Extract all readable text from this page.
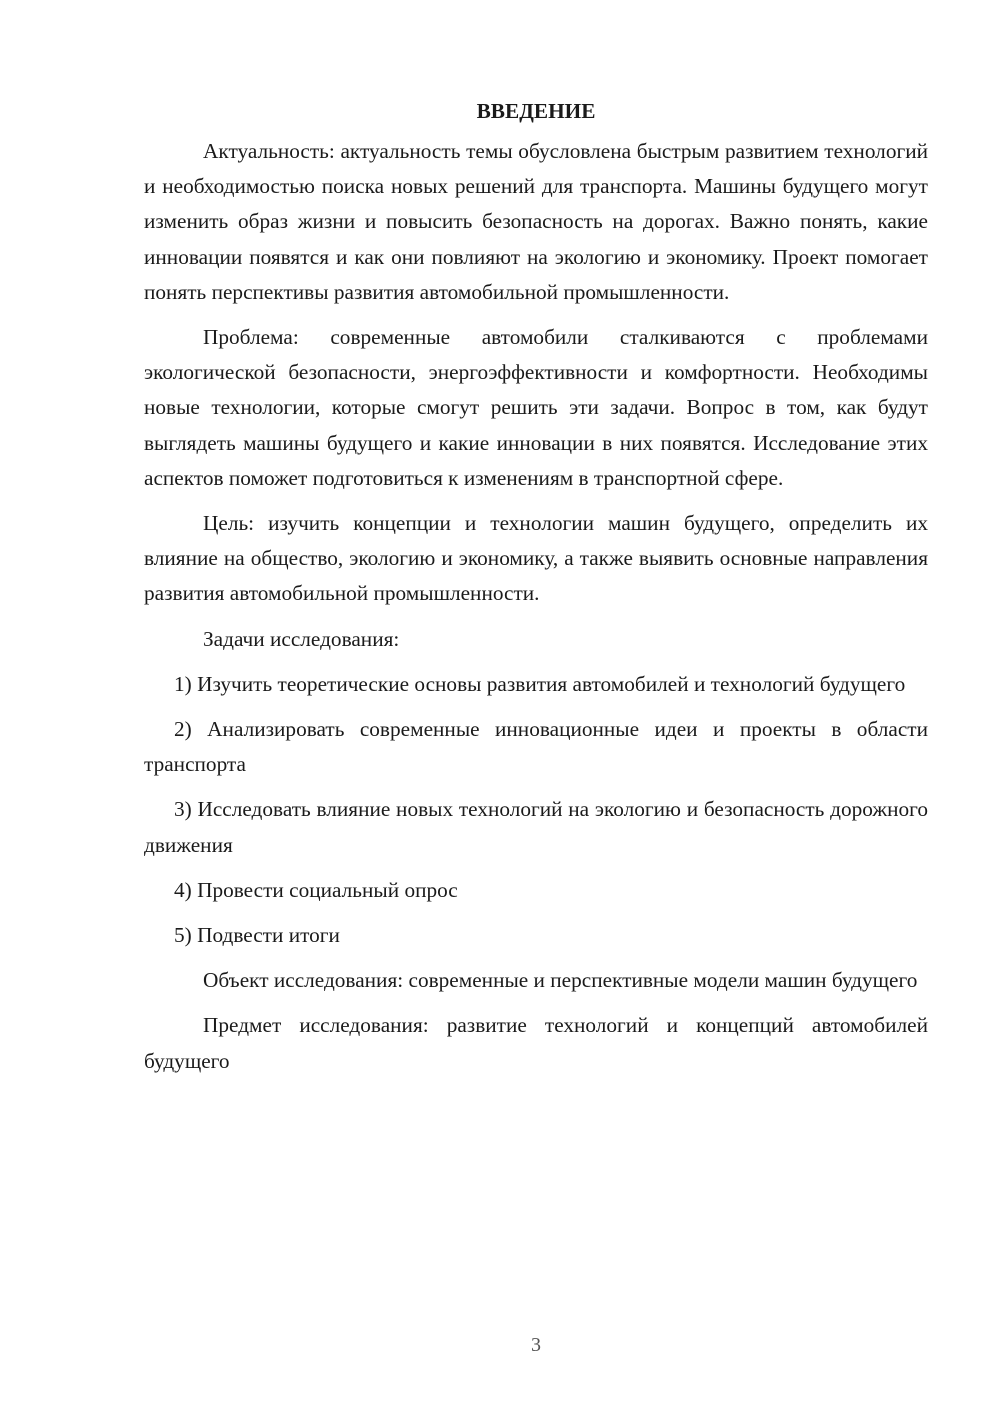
ВВЕДЕНИЕ

Актуальность: актуальность темы обусловлена быстрым развитием технологий и необходимостью поиска новых решений для транспорта. Машины будущего могут изменить образ жизни и повысить безопасность на дорогах. Важно понять, какие инновации появятся и как они повлияют на экологию и экономику. Проект помогает понять перспективы развития автомобильной промышленности.

Проблема: современные автомобили сталкиваются с проблемами экологической безопасности, энергоэффективности и комфортности. Необходимы новые технологии, которые смогут решить эти задачи. Вопрос в том, как будут выглядеть машины будущего и какие инновации в них появятся. Исследование этих аспектов поможет подготовиться к изменениям в транспортной сфере.

Цель: изучить концепции и технологии машин будущего, определить их влияние на общество, экологию и экономику, а также выявить основные направления развития автомобильной промышленности.

Задачи исследования:

1) Изучить теоретические основы развития автомобилей и технологий будущего

2) Анализировать современные инновационные идеи и проекты в области транспорта

3) Исследовать влияние новых технологий на экологию и безопасность дорожного движения

4) Провести социальный опрос

5) Подвести итоги

Объект исследования: современные и перспективные модели машин будущего

Предмет исследования: развитие технологий и концепций автомобилей будущего

3
